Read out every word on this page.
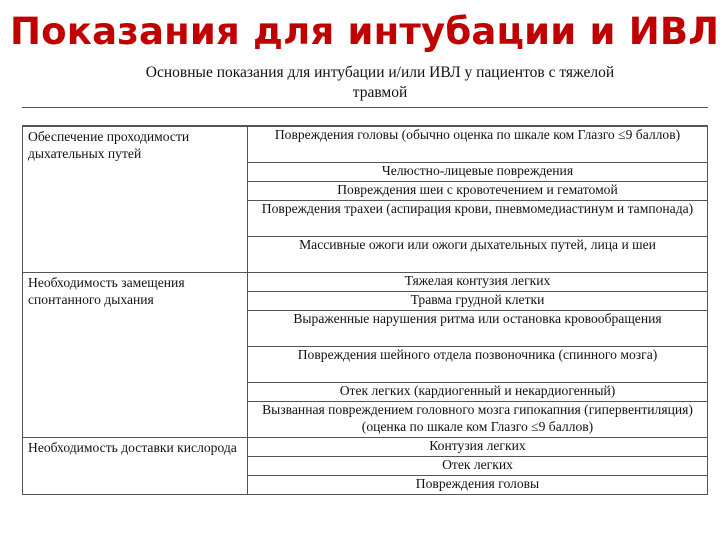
Показания для интубации и ИВЛ
Основные показания для интубации и/или ИВЛ у пациентов с тяжелой
травмой
Обеспечение проходимости дыхательных путей	Повреждения головы (обычно оценка по шкале ком Глазго ≤9 баллов)
	Челюстно-лицевые повреждения
	Повреждения шеи с кровотечением и гематомой
	Повреждения трахеи (аспирация крови, пневмомедиастинум и тампонада)
	Массивные ожоги или ожоги дыхательных путей, лица и шеи
Необходимость замещения спонтанного дыхания	Тяжелая контузия легких
	Травма грудной клетки
	Выраженные нарушения ритма или остановка кровообращения
	Повреждения шейного отдела позвоночника (спинного мозга)
	Отек легких (кардиогенный и некардиогенный)
	Вызванная повреждением головного мозга гипокапния (гипервентиляция) (оценка по шкале ком Глазго ≤9 баллов)
Необходимость доставки кислорода	Контузия легких
	Отек легких
	Повреждения головы
